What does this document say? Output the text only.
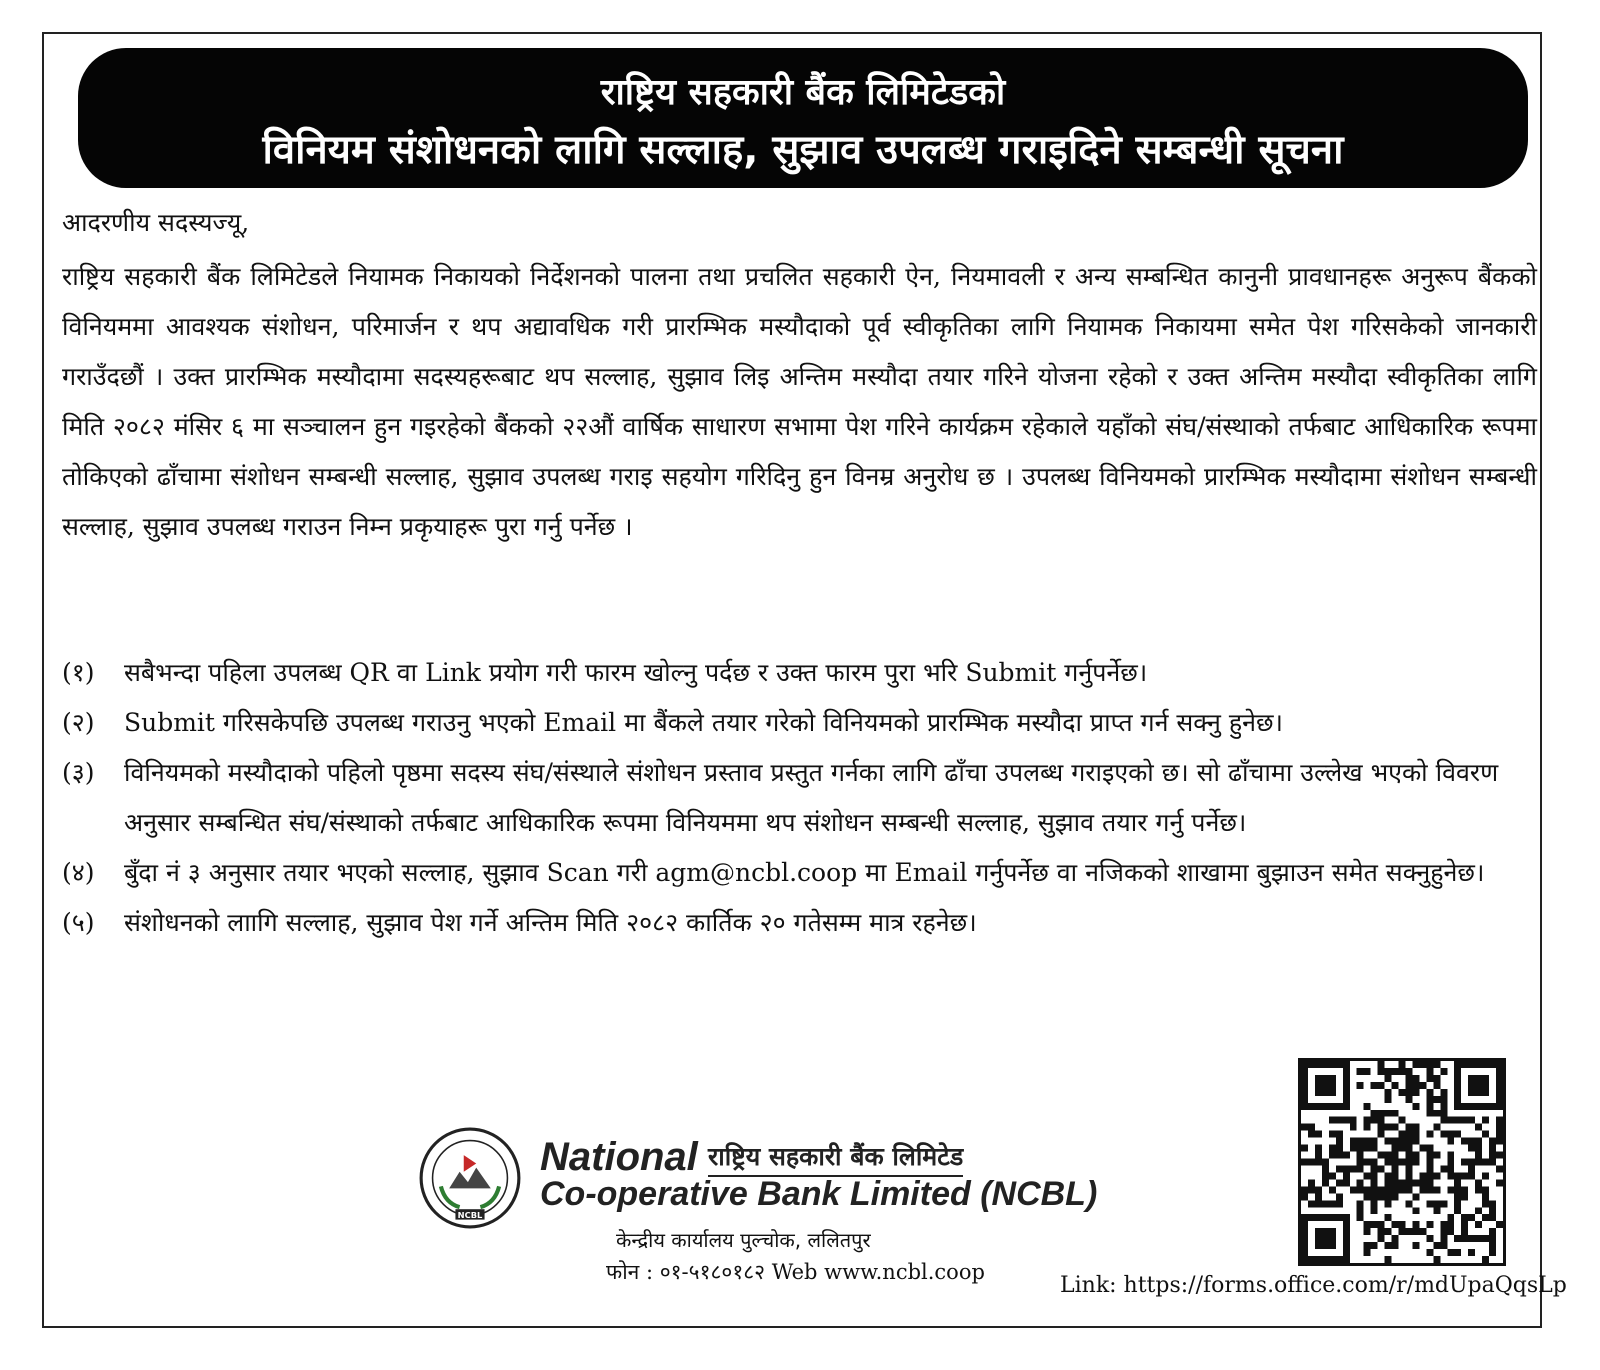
राष्ट्रिय सहकारी बैंक लिमिटेडको
विनियम संशोधनको लागि सल्लाह, सुझाव उपलब्ध गराइदिने सम्बन्धी सूचना
आदरणीय सदस्यज्यू,
राष्ट्रिय सहकारी बैंक लिमिटेडले नियामक निकायको निर्देशनको पालना तथा प्रचलित सहकारी ऐन, नियमावली र अन्य सम्बन्धित कानुनी प्रावधानहरू अनुरूप बैंकको विनियममा आवश्यक संशोधन, परिमार्जन र थप अद्यावधिक गरी प्रारम्भिक मस्यौदाको पूर्व स्वीकृतिका लागि नियामक निकायमा समेत पेश गरिसकेको जानकारी गराउँदछौं । उक्त प्रारम्भिक मस्यौदामा सदस्यहरूबाट थप सल्लाह, सुझाव लिइ अन्तिम मस्यौदा तयार गरिने योजना रहेको र उक्त अन्तिम मस्यौदा स्वीकृतिका लागि मिति २०८२ मंसिर ६ मा सञ्चालन हुन गइरहेको बैंकको २२औं वार्षिक साधारण सभामा पेश गरिने कार्यक्रम रहेकाले यहाँको संघ/संस्थाको तर्फबाट आधिकारिक रूपमा तोकिएको ढाँचामा संशोधन सम्बन्धी सल्लाह, सुझाव उपलब्ध गराइ सहयोग गरिदिनु हुन विनम्र अनुरोध छ । उपलब्ध विनियमको प्रारम्भिक मस्यौदामा संशोधन सम्बन्धी सल्लाह, सुझाव उपलब्ध गराउन निम्न प्रकृयाहरू पुरा गर्नु पर्नेछ ।
(१) सबैभन्दा पहिला उपलब्ध QR वा Link प्रयोग गरी फारम खोल्नु पर्दछ र उक्त फारम पुरा भरि Submit गर्नुपर्नेछ।
(२) Submit गरिसकेपछि उपलब्ध गराउनु भएको Email मा बैंकले तयार गरेको विनियमको प्रारम्भिक मस्यौदा प्राप्त गर्न सक्नु हुनेछ।
(३) विनियमको मस्यौदाको पहिलो पृष्ठमा सदस्य संघ/संस्थाले संशोधन प्रस्ताव प्रस्तुत गर्नका लागि ढाँचा उपलब्ध गराइएको छ। सो ढाँचामा उल्लेख भएको विवरण अनुसार सम्बन्धित संघ/संस्थाको तर्फबाट आधिकारिक रूपमा विनियममा थप संशोधन सम्बन्धी सल्लाह, सुझाव तयार गर्नु पर्नेछ।
(४) बुँदा नं ३ अनुसार तयार भएको सल्लाह, सुझाव Scan गरी agm@ncbl.coop मा Email गर्नुपर्नेछ वा नजिकको शाखामा बुझाउन समेत सक्नुहुनेछ।
(५) संशोधनको लाागि सल्लाह, सुझाव पेश गर्ने अन्तिम मिति २०८२ कार्तिक २० गतेसम्म मात्र रहनेछ।
NCBL
National राष्ट्रिय सहकारी बैंक लिमिटेड
Co-operative Bank Limited (NCBL)
केन्द्रीय कार्यालय पुल्चोक, ललितपुर
फोन : ०१-५१८०१८२ Web www.ncbl.coop
Link: https://forms.office.com/r/mdUpaQqsLp
